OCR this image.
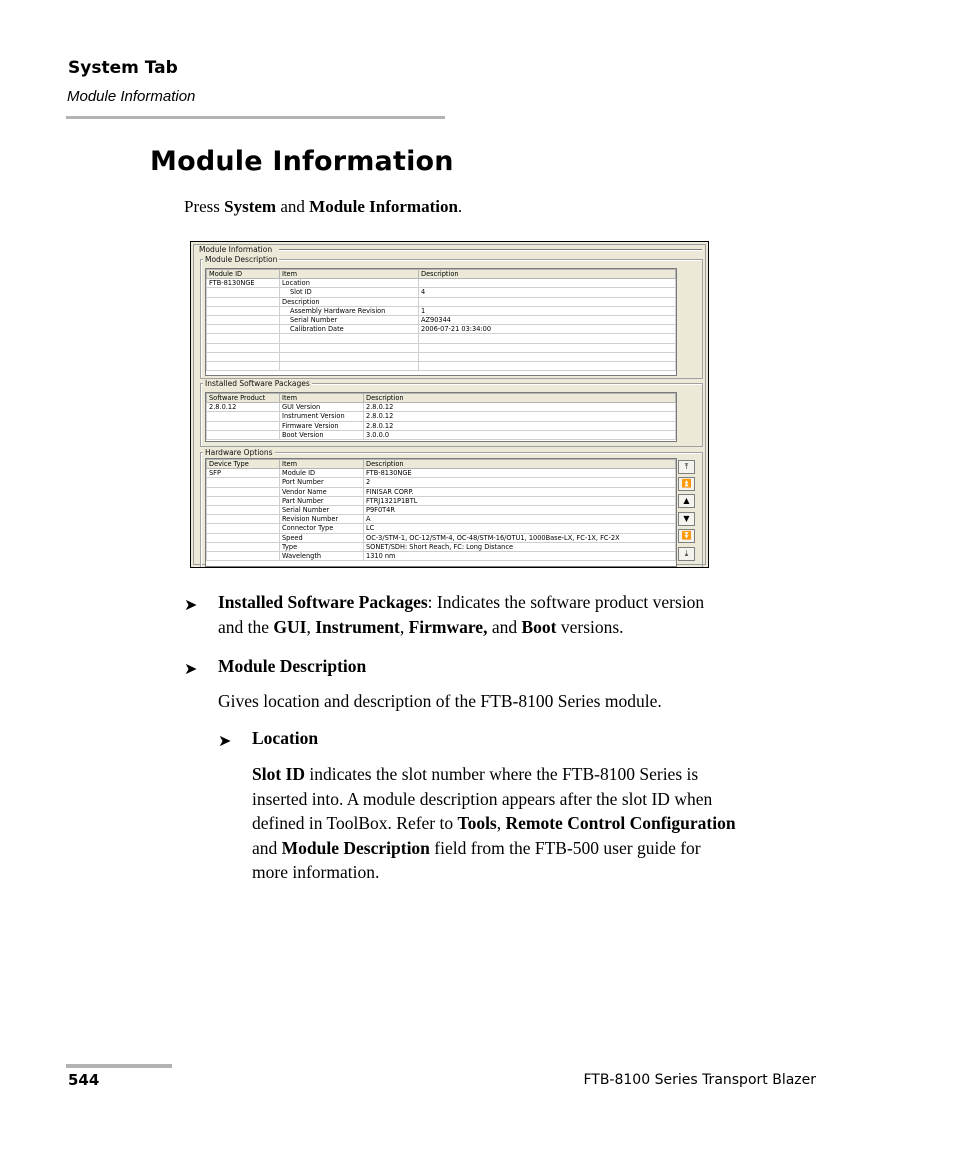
System Tab
Module Information
Module Information
Press System and Module Information.
Module Information
Module Description
Module ID	Item	Description
FTB-8130NGE	Location	
	Slot ID	4
	Description	
	Assembly Hardware Revision	1
	Serial Number	AZ90344
	Calibration Date	2006-07-21 03:34:00

Installed Software Packages
Software Product	Item	Description
2.8.0.12	GUI Version	2.8.0.12
	Instrument Version	2.8.0.12
	Firmware Version	2.8.0.12
	Boot Version	3.0.0.0
Hardware Options
Device Type	Item	Description
SFP	Module ID	FTB-8130NGE
	Port Number	2
	Vendor Name	FINISAR CORP.
	Part Number	FTRJ1321P1BTL
	Serial Number	P9F0T4R
	Revision Number	A
	Connector Type	LC
	Speed	OC-3/STM-1, OC-12/STM-4, OC-48/STM-16/OTU1, 1000Base-LX, FC-1X, FC-2X
	Type	SONET/SDH: Short Reach, FC: Long Distance
	Wavelength	1310 nm
⤒
⏫
▲
▼
⏬
⤓
➤ Installed Software Packages: Indicates the software product version
and the GUI, Instrument, Firmware, and Boot versions.
➤ Module Description
Gives location and description of the FTB-8100 Series module.
➤ Location
Slot ID indicates the slot number where the FTB-8100 Series is
inserted into. A module description appears after the slot ID when
defined in ToolBox. Refer to Tools, Remote Control Configuration
and Module Description field from the FTB-500 user guide for
more information.
544	FTB-8100 Series Transport Blazer
